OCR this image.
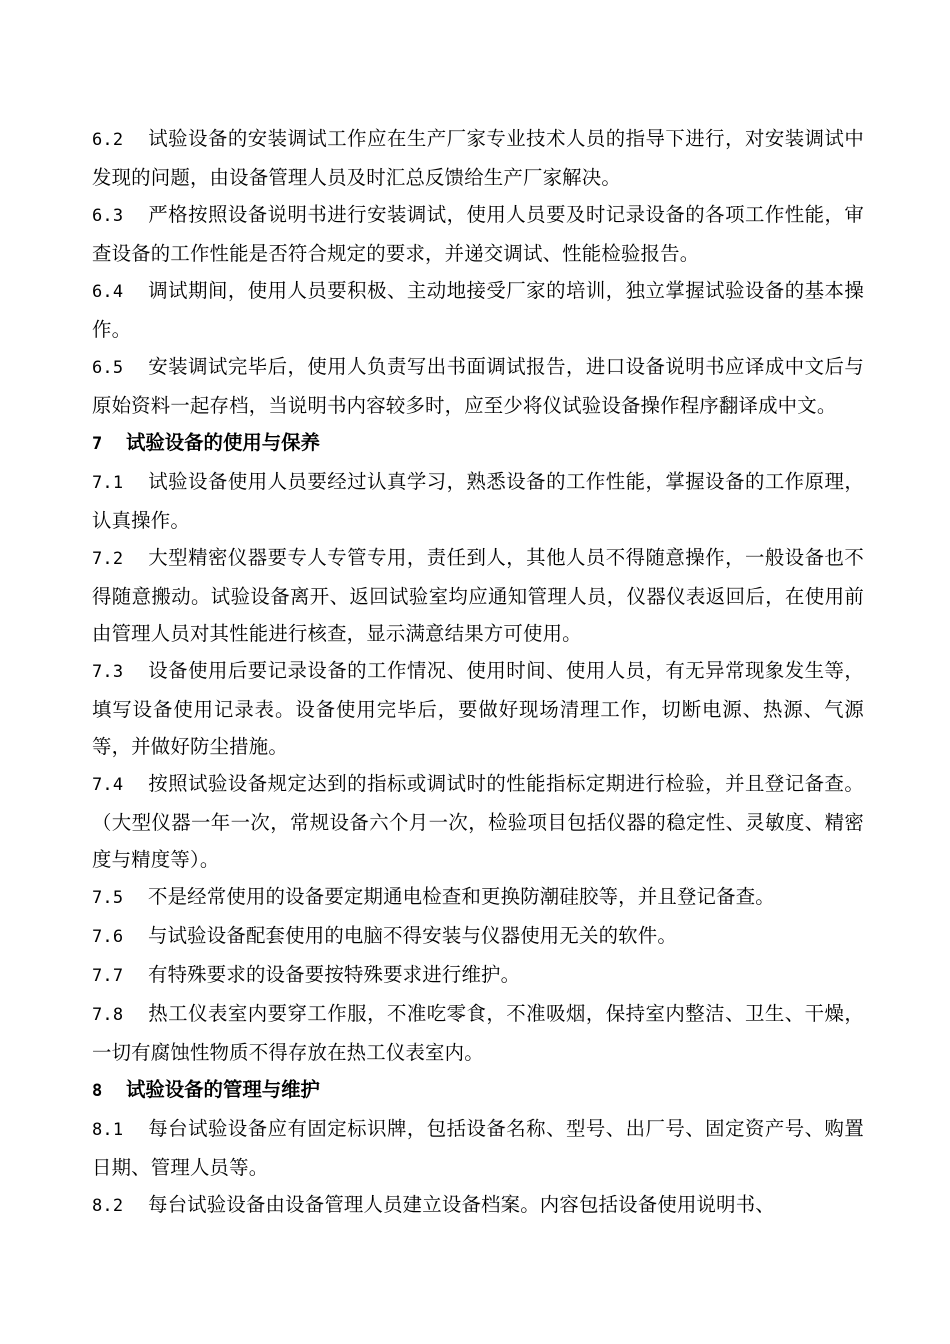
6.2 试验设备的安装调试工作应在生产厂家专业技术人员的指导下进行，对安装调试中发现的问题，由设备管理人员及时汇总反馈给生产厂家解决。

6.3 严格按照设备说明书进行安装调试，使用人员要及时记录设备的各项工作性能，审查设备的工作性能是否符合规定的要求，并递交调试、性能检验报告。

6.4 调试期间，使用人员要积极、主动地接受厂家的培训，独立掌握试验设备的基本操作。

6.5 安装调试完毕后，使用人负责写出书面调试报告，进口设备说明书应译成中文后与原始资料一起存档，当说明书内容较多时，应至少将仪试验设备操作程序翻译成中文。

7 试验设备的使用与保养

7.1 试验设备使用人员要经过认真学习，熟悉设备的工作性能，掌握设备的工作原理，认真操作。

7.2 大型精密仪器要专人专管专用，责任到人，其他人员不得随意操作，一般设备也不得随意搬动。试验设备离开、返回试验室均应通知管理人员，仪器仪表返回后，在使用前由管理人员对其性能进行核查，显示满意结果方可使用。

7.3 设备使用后要记录设备的工作情况、使用时间、使用人员，有无异常现象发生等，填写设备使用记录表。设备使用完毕后，要做好现场清理工作，切断电源、热源、气源等，并做好防尘措施。

7.4 按照试验设备规定达到的指标或调试时的性能指标定期进行检验，并且登记备查。（大型仪器一年一次，常规设备六个月一次，检验项目包括仪器的稳定性、灵敏度、精密度与精度等）。

7.5 不是经常使用的设备要定期通电检查和更换防潮硅胶等，并且登记备查。

7.6 与试验设备配套使用的电脑不得安装与仪器使用无关的软件。

7.7 有特殊要求的设备要按特殊要求进行维护。

7.8 热工仪表室内要穿工作服，不准吃零食，不准吸烟，保持室内整洁、卫生、干燥，一切有腐蚀性物质不得存放在热工仪表室内。

8 试验设备的管理与维护

8.1 每台试验设备应有固定标识牌，包括设备名称、型号、出厂号、固定资产号、购置日期、管理人员等。

8.2 每台试验设备由设备管理人员建立设备档案。内容包括设备使用说明书、
